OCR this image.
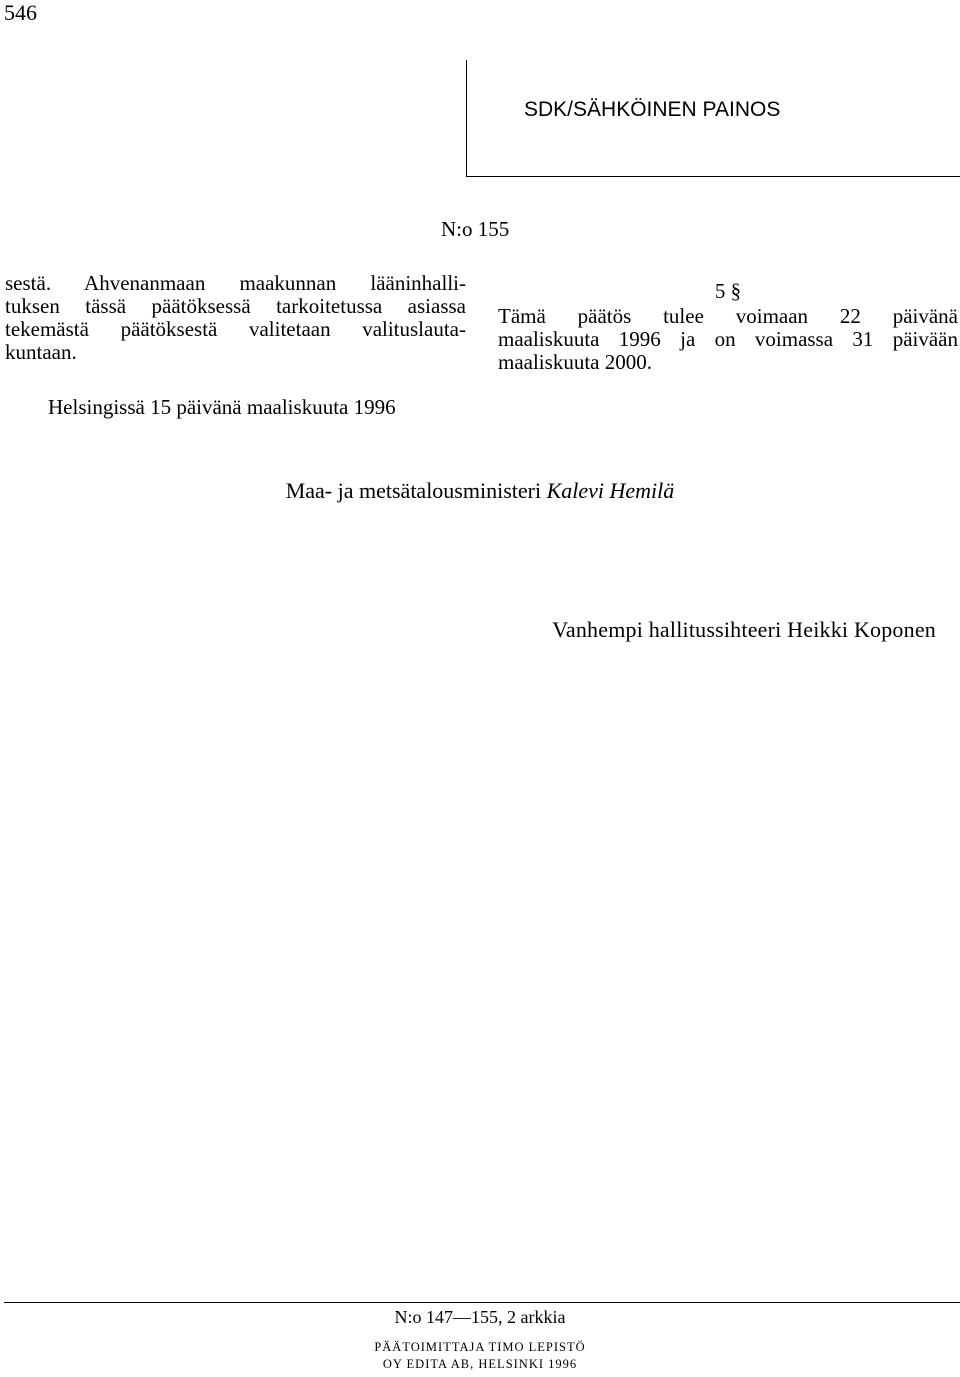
546
SDK/SÄHKÖINEN PAINOS
N:o 155
sestä. Ahvenanmaan maakunnan lääninhalli-
tuksen tässä päätöksessä tarkoitetussa asiassa
tekemästä päätöksestä valitetaan valituslauta-
kuntaan.
5 §
Tämä päätös tulee voimaan 22 päivänä
maaliskuuta 1996 ja on voimassa 31 päivään
maaliskuuta 2000.
Helsingissä 15 päivänä maaliskuuta 1996
Maa- ja metsätalousministeri Kalevi Hemilä
Vanhempi hallitussihteeri Heikki Koponen
N:o 147—155, 2 arkkia
PÄÄTOIMITTAJA TIMO LEPISTÖ
OY EDITA AB, HELSINKI 1996
